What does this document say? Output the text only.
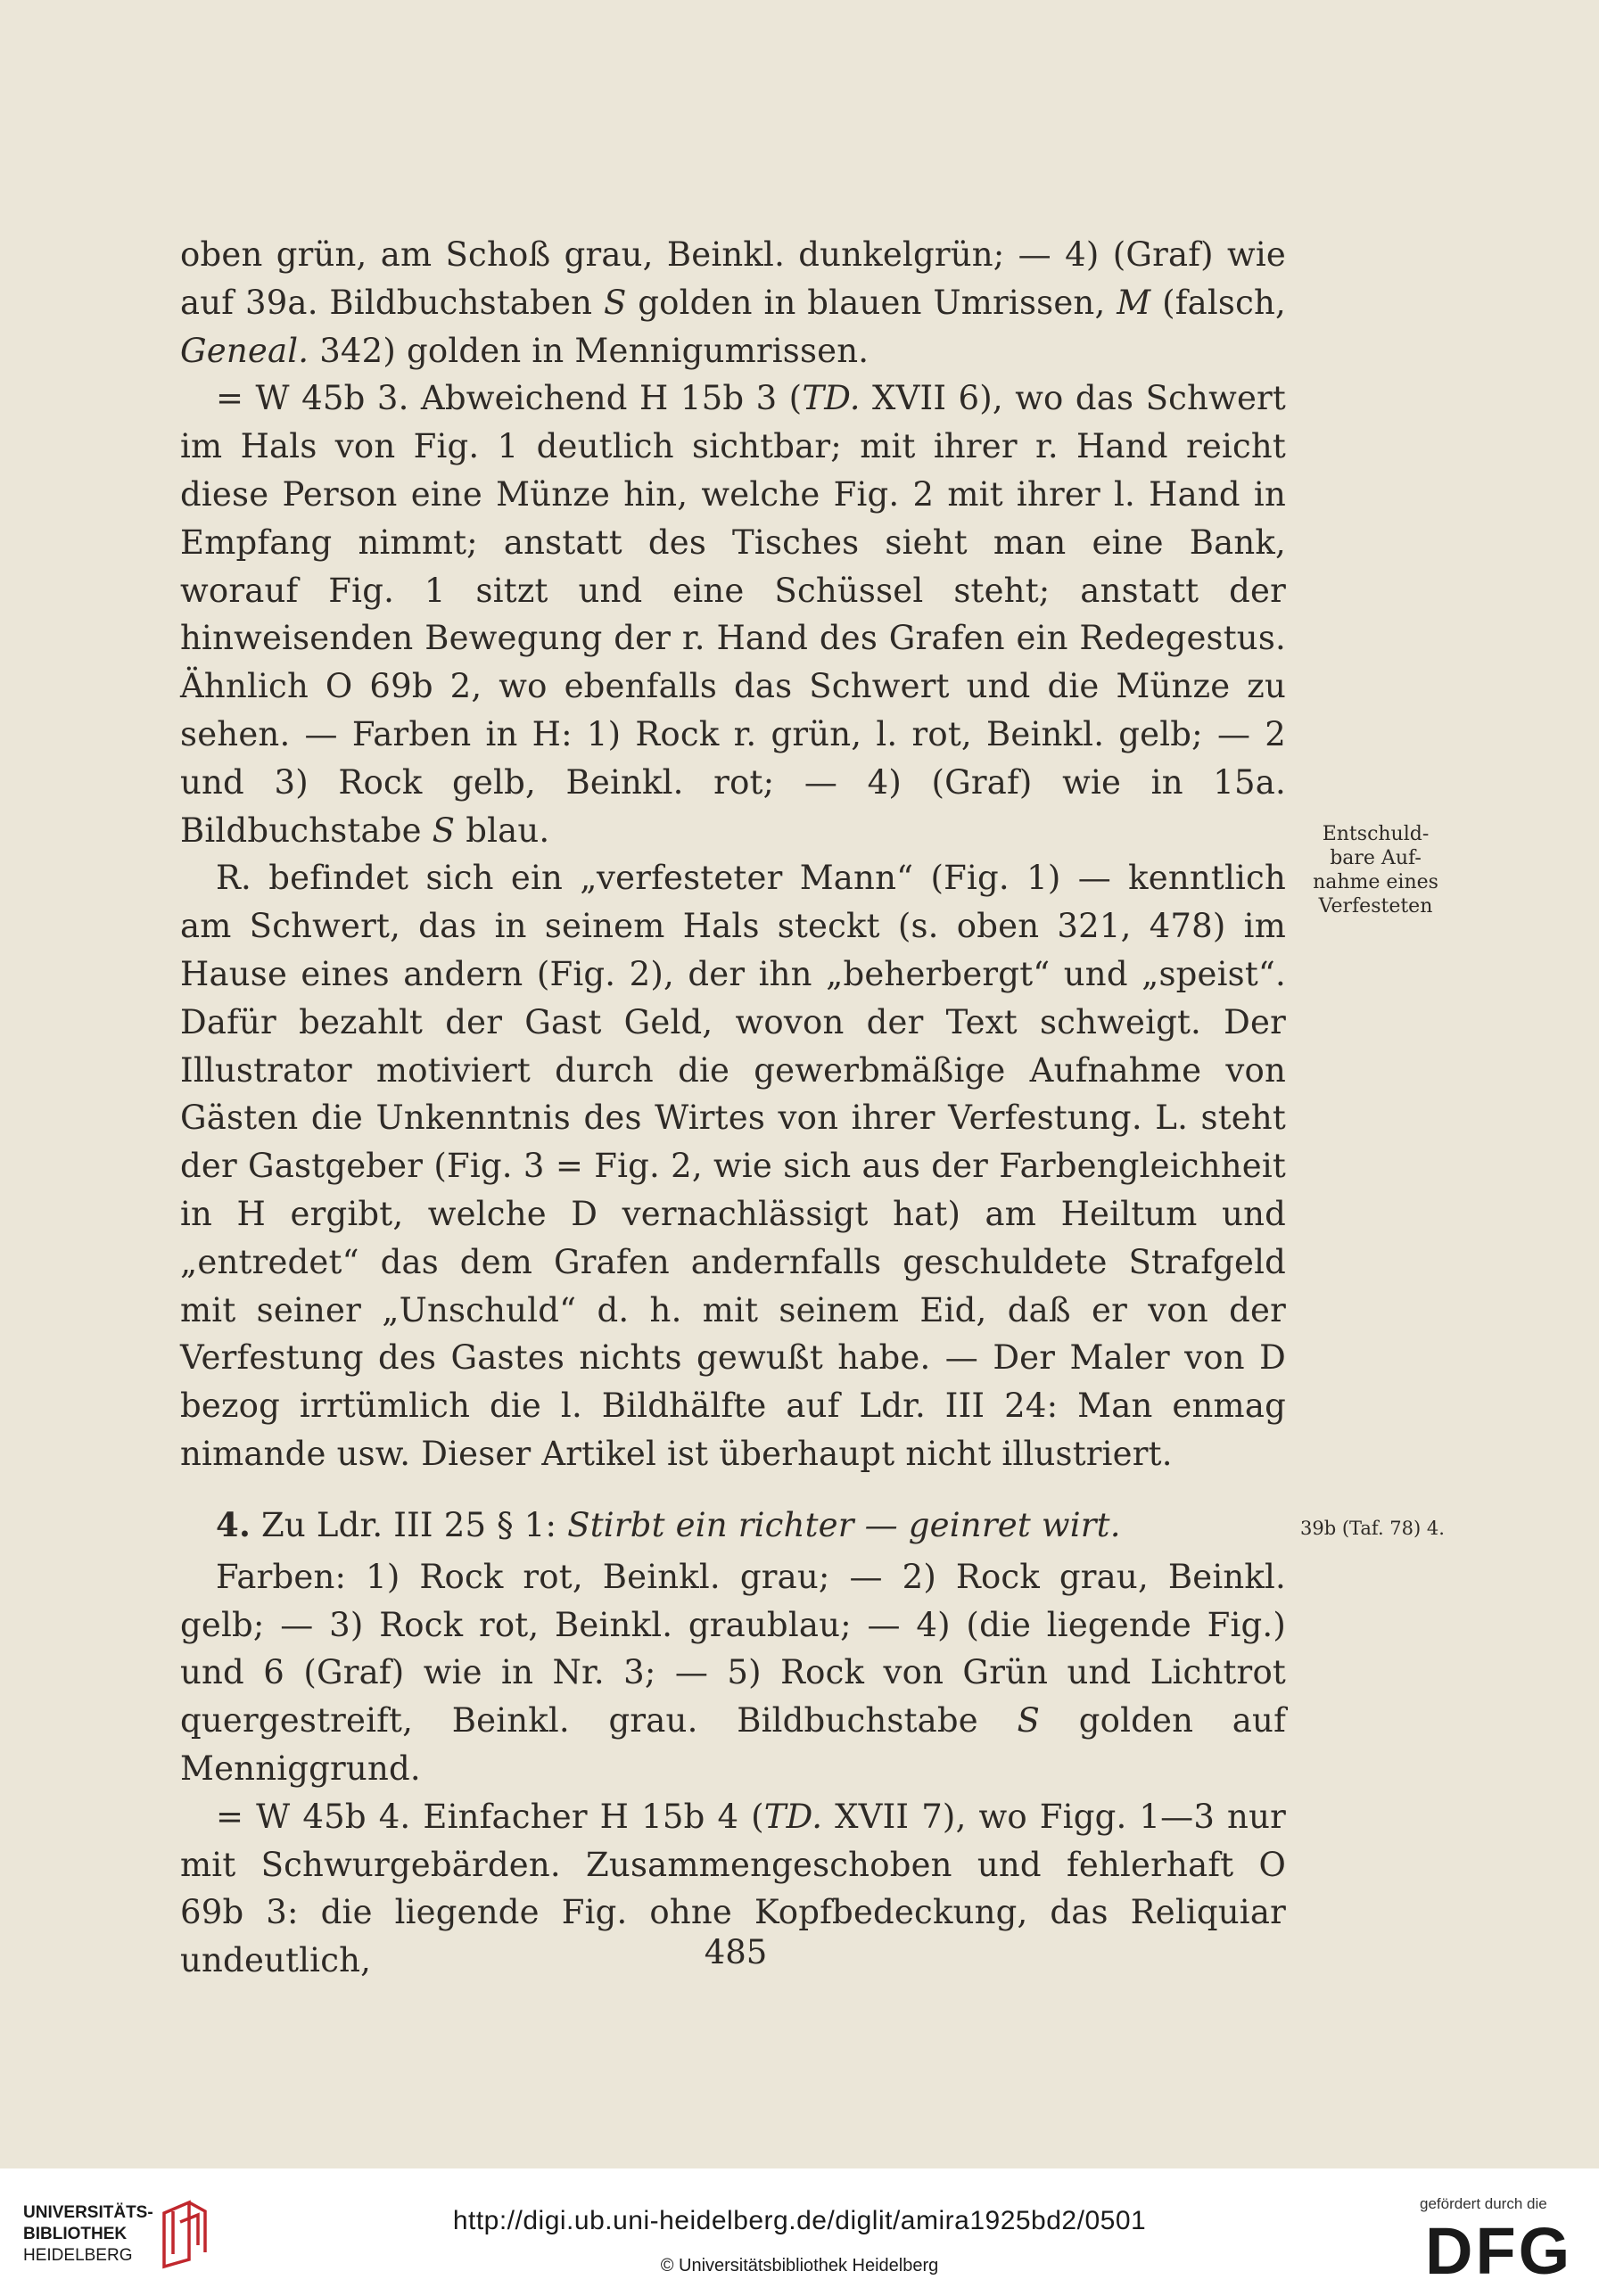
oben grün, am Schoß grau, Beinkl. dunkelgrün; — 4) (Graf) wie auf 39a. Bildbuchstaben S golden in blauen Umrissen, M (falsch, Geneal. 342) golden in Mennigumrissen.

= W 45b 3. Abweichend H 15b 3 (TD. XVII 6), wo das Schwert im Hals von Fig. 1 deutlich sichtbar; mit ihrer r. Hand reicht diese Person eine Münze hin, welche Fig. 2 mit ihrer l. Hand in Empfang nimmt; anstatt des Tisches sieht man eine Bank, worauf Fig. 1 sitzt und eine Schüssel steht; anstatt der hinweisenden Bewegung der r. Hand des Grafen ein Redegestus. Ähnlich O 69b 2, wo ebenfalls das Schwert und die Münze zu sehen. — Farben in H: 1) Rock r. grün, l. rot, Beinkl. gelb; — 2 und 3) Rock gelb, Beinkl. rot; — 4) (Graf) wie in 15a. Bildbuchstabe S blau.

R. befindet sich ein „verfesteter Mann“ (Fig. 1) — kenntlich am Schwert, das in seinem Hals steckt (s. oben 321, 478) im Hause eines andern (Fig. 2), der ihn „beherbergt“ und „speist“. Dafür bezahlt der Gast Geld, wovon der Text schweigt. Der Illustrator motiviert durch die gewerbmäßige Aufnahme von Gästen die Unkenntnis des Wirtes von ihrer Verfestung. L. steht der Gastgeber (Fig. 3 = Fig. 2, wie sich aus der Farbengleichheit in H ergibt, welche D vernachlässigt hat) am Heiltum und „entredet“ das dem Grafen andernfalls geschuldete Strafgeld mit seiner „Unschuld“ d. h. mit seinem Eid, daß er von der Verfestung des Gastes nichts gewußt habe. — Der Maler von D bezog irrtümlich die l. Bildhälfte auf Ldr. III 24: Man enmag nimande usw. Dieser Artikel ist überhaupt nicht illustriert.

Entschuld-
bare Auf-
nahme eines
Verfesteten

4. Zu Ldr. III 25 § 1: Stirbt ein richter — geinret wirt.

Farben: 1) Rock rot, Beinkl. grau; — 2) Rock grau, Beinkl. gelb; — 3) Rock rot, Beinkl. graublau; — 4) (die liegende Fig.) und 6 (Graf) wie in Nr. 3; — 5) Rock von Grün und Lichtrot quergestreift, Beinkl. grau. Bildbuchstabe S golden auf Menniggrund.

= W 45b 4. Einfacher H 15b 4 (TD. XVII 7), wo Figg. 1—3 nur mit Schwurgebärden. Zusammengeschoben und fehlerhaft O 69b 3: die liegende Fig. ohne Kopfbedeckung, das Reliquiar undeutlich,

39b (Taf. 78) 4.
485
UNIVERSITÄTS-
BIBLIOTHEK
HEIDELBERG
http://digi.ub.uni-heidelberg.de/diglit/amira1925bd2/0501
© Universitätsbibliothek Heidelberg
gefördert durch die
DFG
